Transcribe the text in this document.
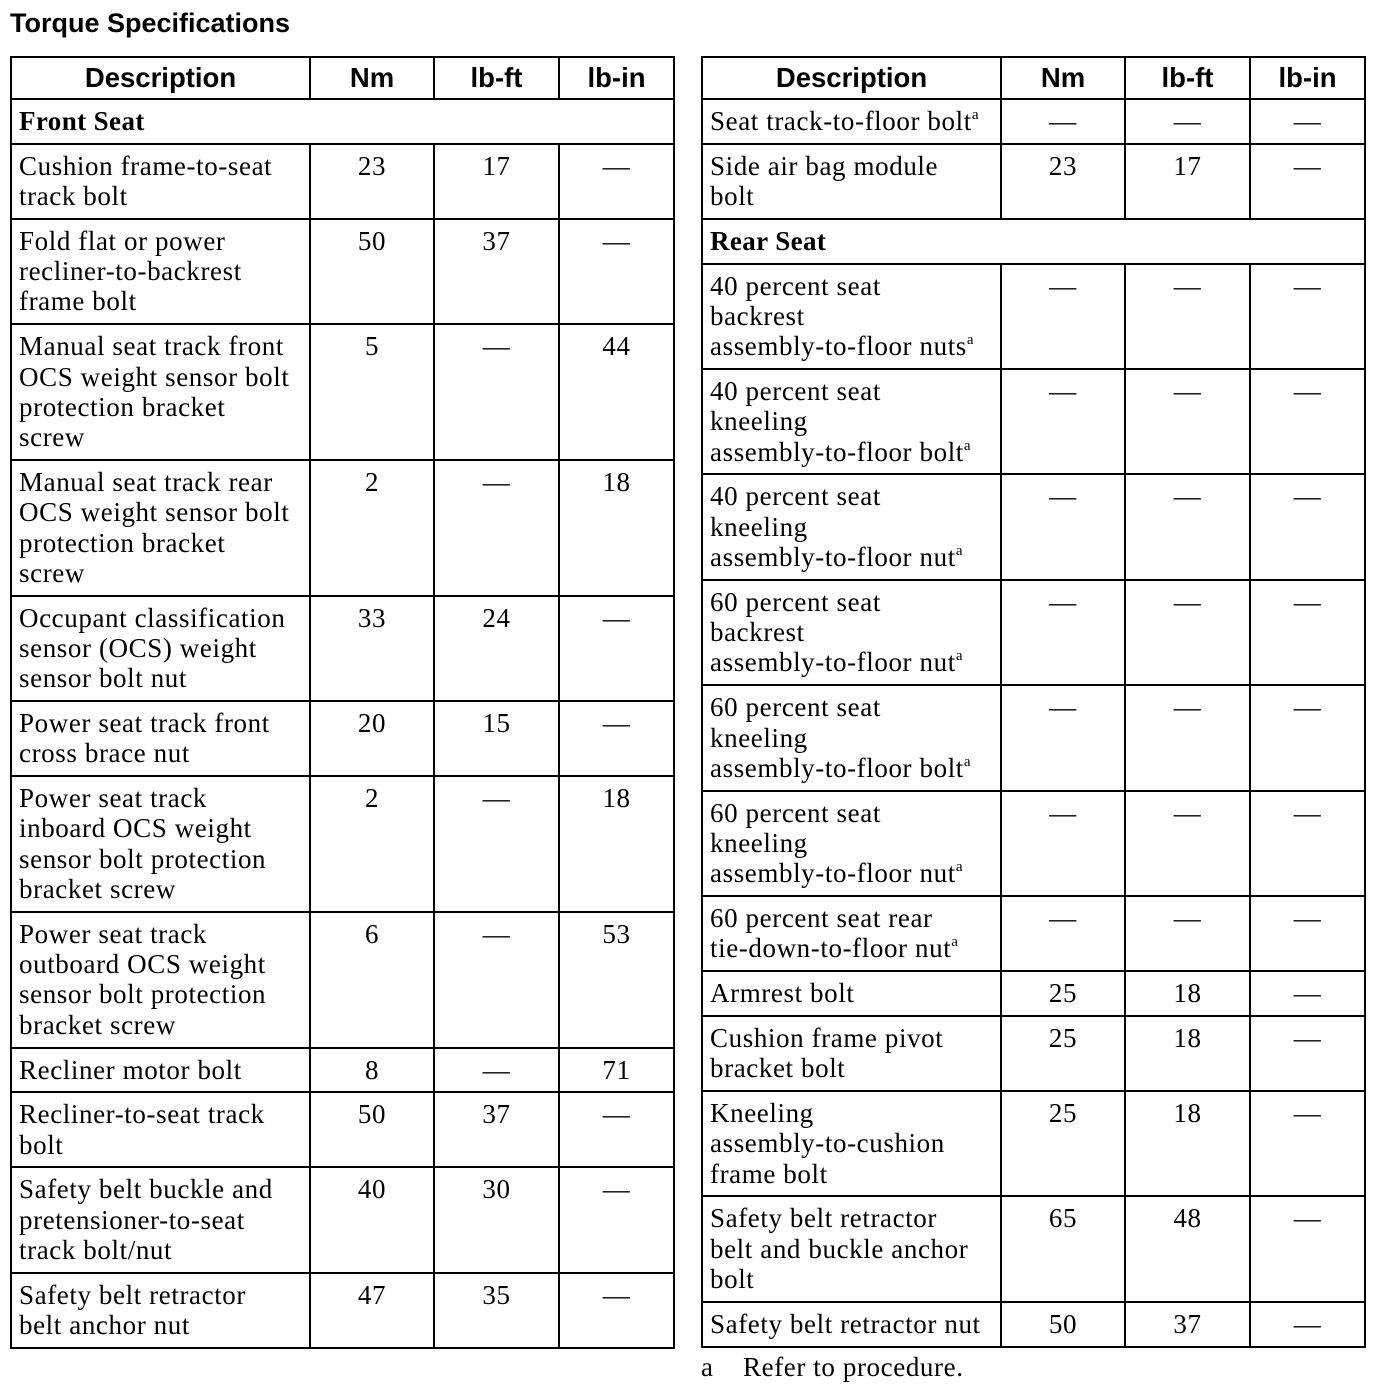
Torque Specifications
Description	Nm	lb-ft	lb-in
Front Seat
Cushion frame-to-seat
track bolt
23	17	—
Fold flat or power
recliner-to-backrest
frame bolt
50	37	—
Manual seat track front
OCS weight sensor bolt
protection bracket
screw
5	—	44
Manual seat track rear
OCS weight sensor bolt
protection bracket
screw
2	—	18
Occupant classification
sensor (OCS) weight
sensor bolt nut
33	24	—
Power seat track front
cross brace nut
20	15	—
Power seat track
inboard OCS weight
sensor bolt protection
bracket screw
2	—	18
Power seat track
outboard OCS weight
sensor bolt protection
bracket screw
6	—	53
Recliner motor bolt	8	—	71
Recliner-to-seat track
bolt
50	37	—
Safety belt buckle and
pretensioner-to-seat
track bolt/nut
40	30	—
Safety belt retractor
belt anchor nut
47	35	—
Description	Nm	lb-ft	lb-in
Seat track-to-floor bolt$^a$	—	—	—
Side air bag module
bolt
23	17	—
Rear Seat
40 percent seat
backrest
assembly-to-floor nuts$^a$
—	—	—
40 percent seat
kneeling
assembly-to-floor bolt$^a$
—	—	—
40 percent seat
kneeling
assembly-to-floor nut$^a$
—	—	—
60 percent seat
backrest
assembly-to-floor nut$^a$
—	—	—
60 percent seat
kneeling
assembly-to-floor bolt$^a$
—	—	—
60 percent seat
kneeling
assembly-to-floor nut$^a$
—	—	—
60 percent seat rear
tie-down-to-floor nut$^a$
—	—	—
Armrest bolt	25	18	—
Cushion frame pivot
bracket bolt
25	18	—
Kneeling
assembly-to-cushion
frame bolt
25	18	—
Safety belt retractor
belt and buckle anchor
bolt
65	48	—
Safety belt retractor nut	50	37	—
a	Refer to procedure.
